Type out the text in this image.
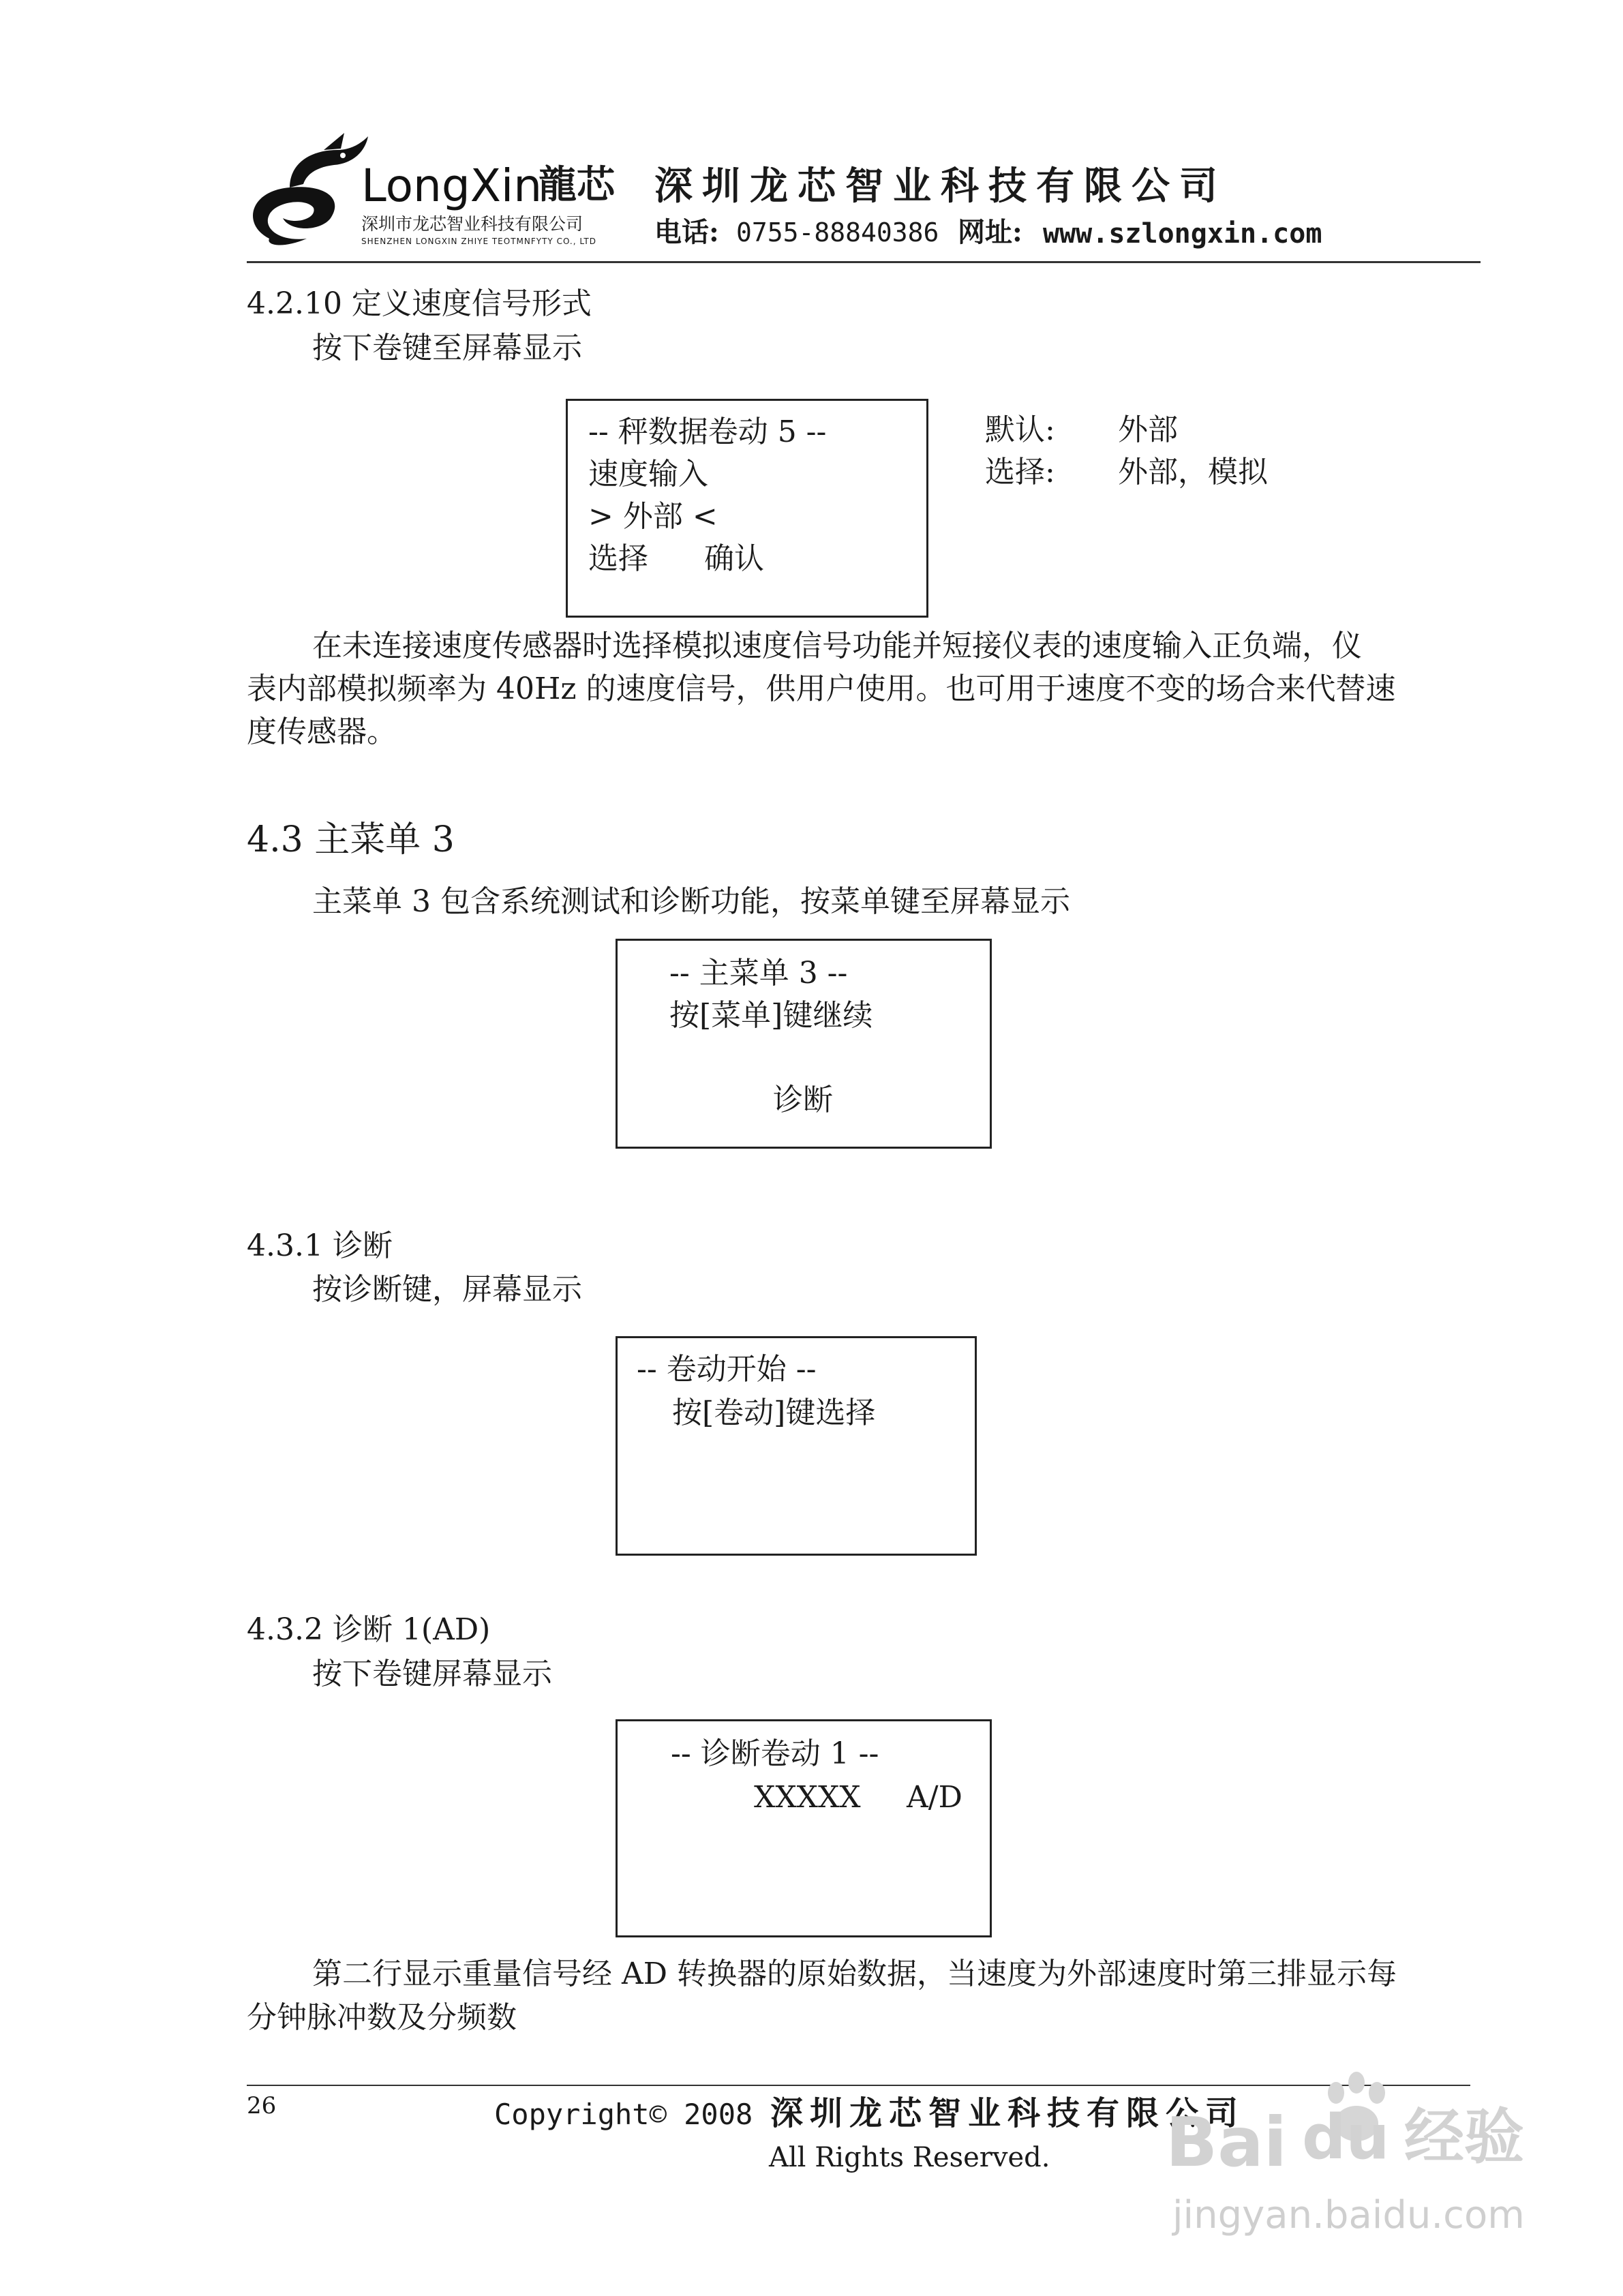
LongXin
龍芯
深圳市龙芯智业科技有限公司
SHENZHEN LONGXIN ZHIYE TEOTMNFYTY CO., LTD
深圳龙芯智业科技有限公司
电话: 0755-88840386 网址: www.szlongxin.com
4.2.10 定义速度信号形式
按下卷键至屏幕显示
-- 秤数据卷动 5 --
速度输入
> 外部 <
选择 确认
默认: 外部
选择: 外部，模拟
在未连接速度传感器时选择模拟速度信号功能并短接仪表的速度输入正负端，仪
表内部模拟频率为 40Hz 的速度信号，供用户使用。也可用于速度不变的场合来代替速
度传感器。
4.3 主菜单 3
主菜单 3 包含系统测试和诊断功能，按菜单键至屏幕显示
-- 主菜单 3 --
按[菜单]键继续
诊断
4.3.1 诊断
按诊断键，屏幕显示
-- 卷动开始 --
按[卷动]键选择
4.3.2 诊断 1(AD)
按下卷键屏幕显示
-- 诊断卷动 1 --
XXXXX A/D
第二行显示重量信号经 AD 转换器的原始数据，当速度为外部速度时第三排显示每
分钟脉冲数及分频数
26	Copyright© 2008 深圳龙芯智业科技有限公司
All Rights Reserved. Bai du 经验
jingyan.baidu.com
